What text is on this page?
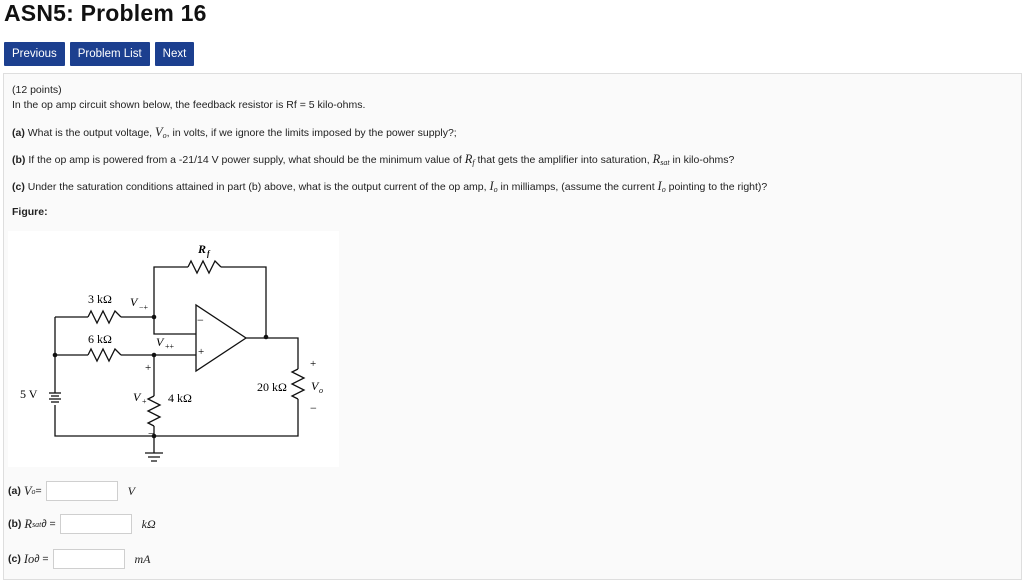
ASN5: Problem 16
Previous	Problem List	Next
(12 points)
In the op amp circuit shown below, the feedback resistor is Rf = 5 kilo-ohms.
(a) What is the output voltage, $V_o$, in volts, if we ignore the limits imposed by the power supply?;
(b) If the op amp is powered from a -21/14 V power supply, what should be the minimum value of $R_f$ that gets the amplifier into saturation, $R_{sat}$ in kilo-ohms?
(c) Under the saturation conditions attained in part (b) above, what is the output current of the op amp, $I_o$ in milliamps, (assume the current $I_o$ pointing to the right)?
Figure:
R f
3 kΩ V −+
6 kΩ	V ++
−
+
+
V + 4 kΩ
−
5 V	20 kΩ
+
V o
−
(a) V o =	V
(b) R sat ∂ =	kΩ
(c) Io ∂ =	mA
